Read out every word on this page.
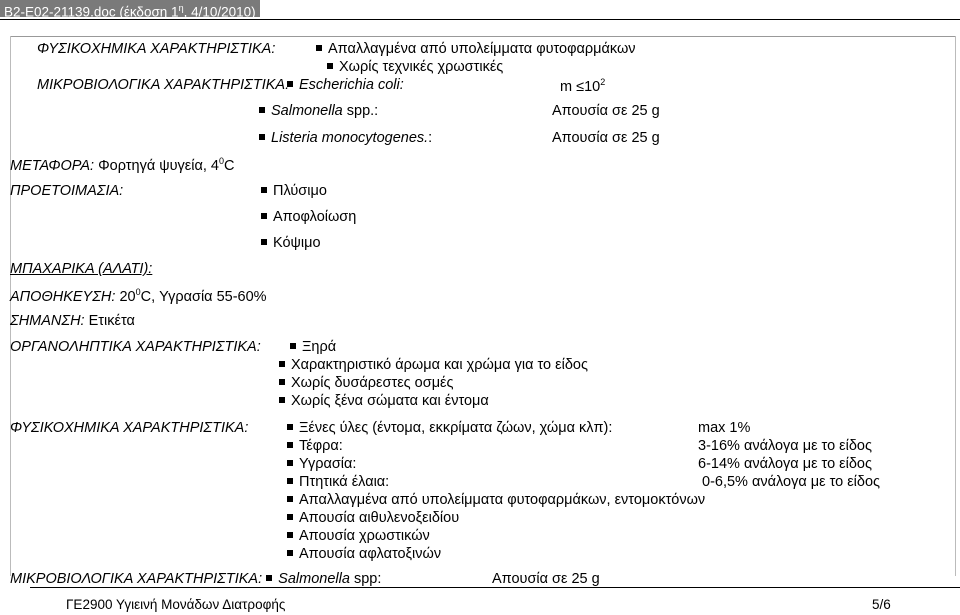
B2-E02-21139.doc (έκδοση $1^\eta$, 4/10/2010)
ΦΥΣΙΚΟΧΗΜΙΚΑ ΧΑΡΑΚΤΗΡΙΣΤΙΚΑ:	Απαλλαγμένα από υπολείμματα φυτοφαρμάκων
Χωρίς τεχνικές χρωστικές
ΜΙΚΡΟΒΙΟΛΟΓΙΚΑ ΧΑΡΑΚΤΗΡΙΣΤΙΚΑ: Escherichia coli:	$m \le 10^2$
Salmonella spp.:	Απουσία σε 25 g
Listeria monocytogenes.:	Απουσία σε 25 g
ΜΕΤΑΦΟΡΑ: Φορτηγά ψυγεία, $4^0C$
ΠΡΟΕΤΟΙΜΑΣΙΑ:	Πλύσιμο
Αποφλοίωση
Κόψιμο
ΜΠΑΧΑΡΙΚΑ (ΑΛΑΤΙ):
ΑΠΟΘΗΚΕΥΣΗ: $20^0C$, Υγρασία 55-60%
ΣΗΜΑΝΣΗ: Ετικέτα
ΟΡΓΑΝΟΛΗΠΤΙΚΑ ΧΑΡΑΚΤΗΡΙΣΤΙΚΑ:	Ξηρά
Χαρακτηριστικό άρωμα και χρώμα για το είδος
Χωρίς δυσάρεστες οσμές
Χωρίς ξένα σώματα και έντομα
ΦΥΣΙΚΟΧΗΜΙΚΑ ΧΑΡΑΚΤΗΡΙΣΤΙΚΑ:	Ξένες ύλες (έντομα, εκκρίματα ζώων, χώμα κλπ):	max 1%
Τέφρα:	3-16% ανάλογα με το είδος
Υγρασία:	6-14% ανάλογα με το είδος
Πτητικά έλαια:	0-6,5% ανάλογα με το είδος
Απαλλαγμένα από υπολείμματα φυτοφαρμάκων, εντομοκτόνων
Απουσία αιθυλενοξειδίου
Απουσία χρωστικών
Απουσία αφλατοξινών
ΜΙΚΡΟΒΙΟΛΟΓΙΚΑ ΧΑΡΑΚΤΗΡΙΣΤΙΚΑ: Salmonella spp:	Απουσία σε 25 g
ΓΕ2900 Υγιεινή Μονάδων Διατροφής	5/6
